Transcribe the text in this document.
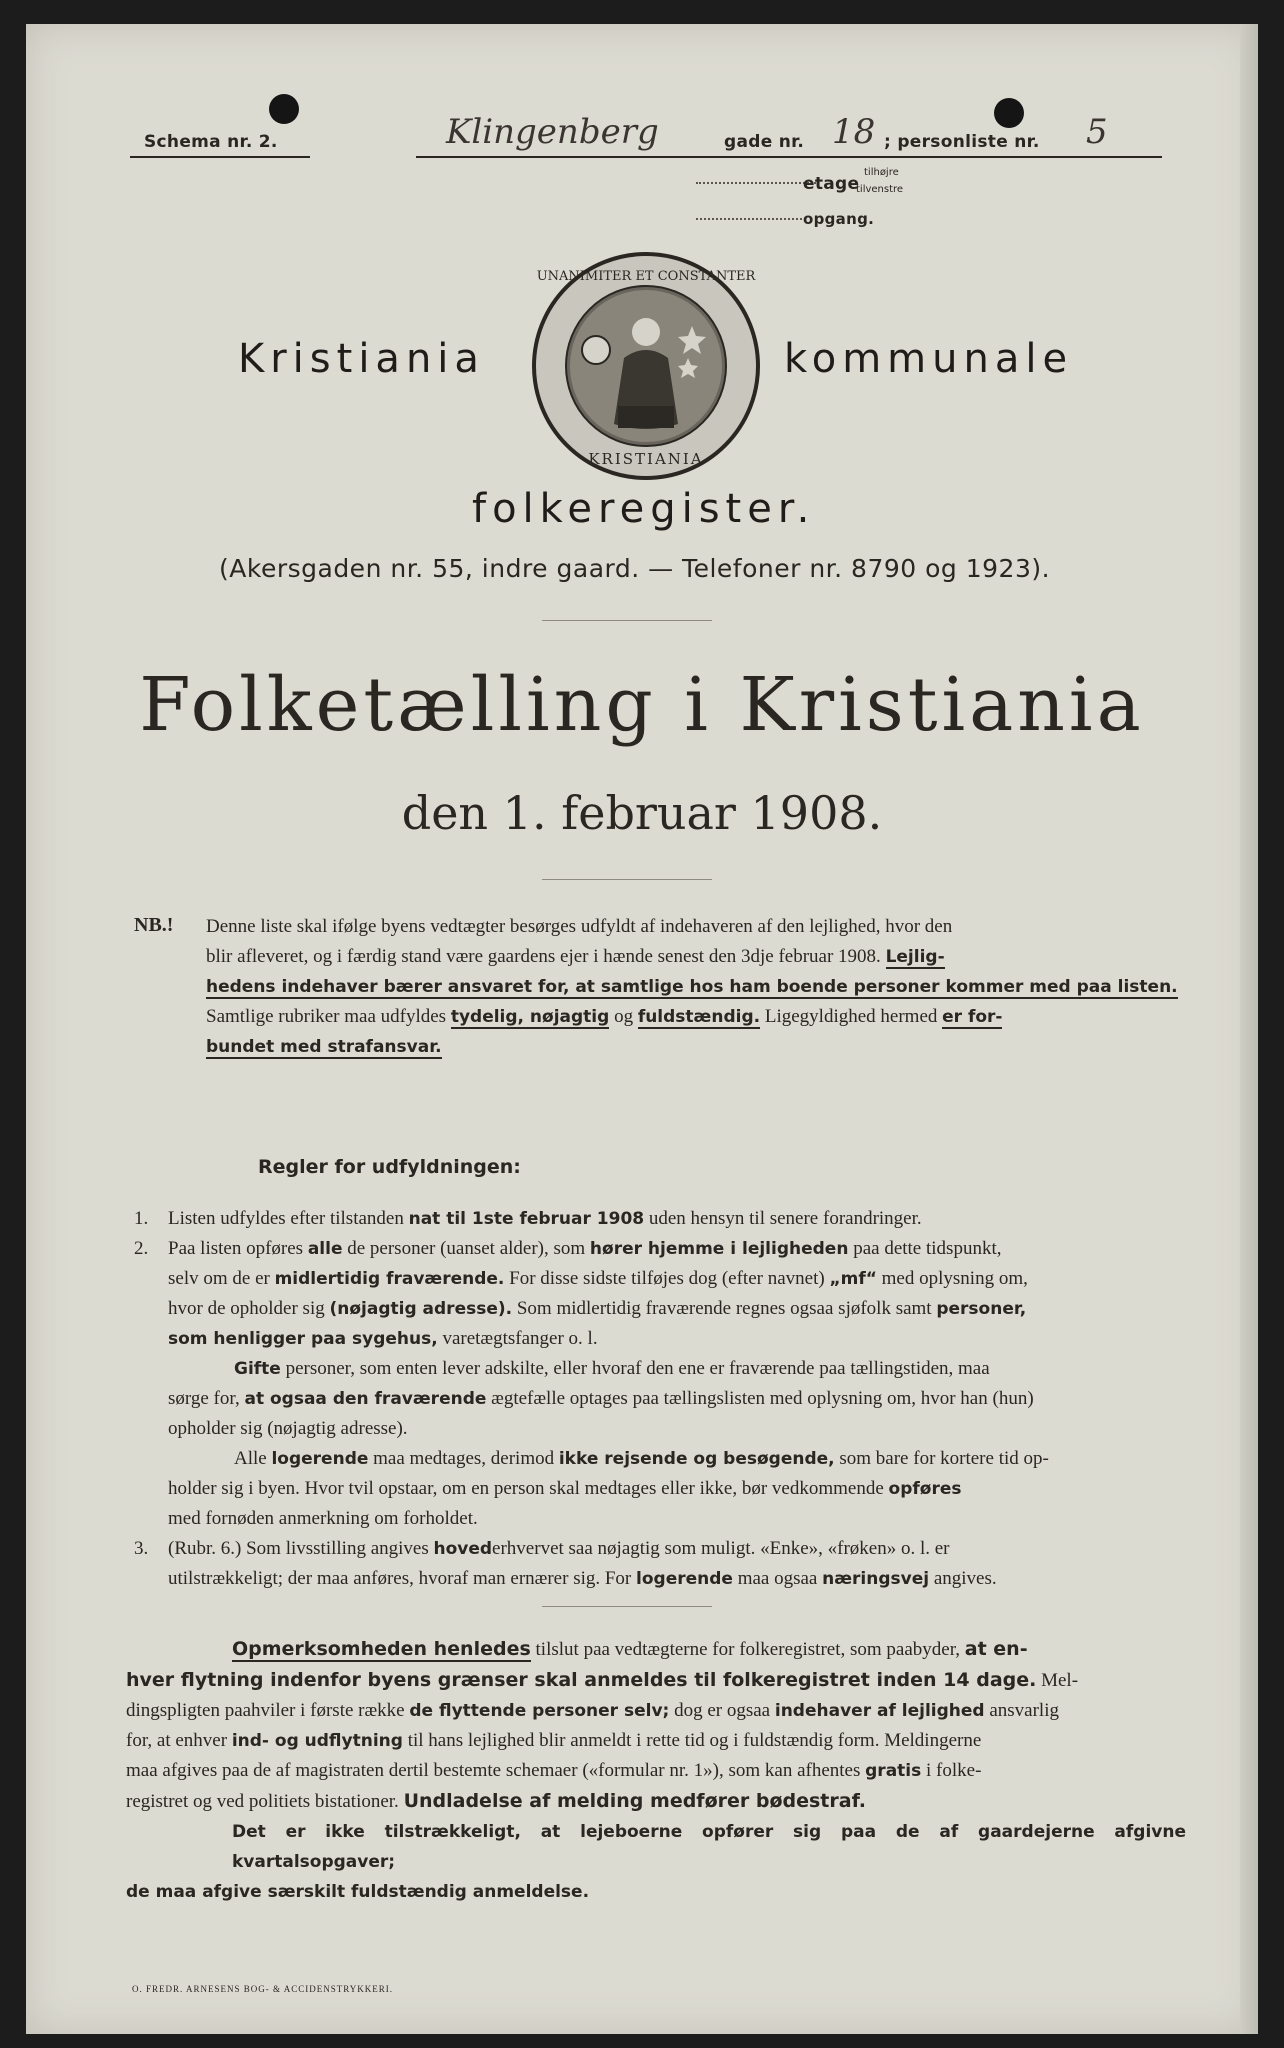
Schema nr. 2.	Klingenberg	gade nr. 18 ; personliste nr. 5
etage
tilhøjre
tilvenstre
opgang.
Kristiania
UNANIMITER ET CONSTANTER
KRISTIANIA
kommunale
folkeregister.
(Akersgaden nr. 55, indre gaard. — Telefoner nr. 8790 og 1923).
Folketælling i Kristiania
den 1. februar 1908.
NB.! Denne liste skal ifølge byens vedtægter besørges udfyldt af indehaveren af den lejlighed, hvor den
blir afleveret, og i færdig stand være gaardens ejer i hænde senest den 3dje februar 1908. Lejlig-
hedens indehaver bærer ansvaret for, at samtlige hos ham boende personer kommer med paa listen.
Samtlige rubriker maa udfyldes tydelig, nøjagtig og fuldstændig. Ligegyldighed hermed er for-
bundet med strafansvar.
Regler for udfyldningen:
1. Listen udfyldes efter tilstanden nat til 1ste februar 1908 uden hensyn til senere forandringer.
2. Paa listen opføres alle de personer (uanset alder), som hører hjemme i lejligheden paa dette tidspunkt,
selv om de er midlertidig fraværende. For disse sidste tilføjes dog (efter navnet) „mf“ med oplysning om,
hvor de opholder sig (nøjagtig adresse). Som midlertidig fraværende regnes ogsaa sjøfolk samt personer,
som henligger paa sygehus, varetægtsfanger o. l.
Gifte personer, som enten lever adskilte, eller hvoraf den ene er fraværende paa tællingstiden, maa
sørge for, at ogsaa den fraværende ægtefælle optages paa tællingslisten med oplysning om, hvor han (hun)
opholder sig (nøjagtig adresse).
Alle logerende maa medtages, derimod ikke rejsende og besøgende, som bare for kortere tid op-
holder sig i byen. Hvor tvil opstaar, om en person skal medtages eller ikke, bør vedkommende opføres
med fornøden anmerkning om forholdet.
3. (Rubr. 6.) Som livsstilling angives hovederhvervet saa nøjagtig som muligt. «Enke», «frøken» o. l. er
utilstrækkeligt; der maa anføres, hvoraf man ernærer sig. For logerende maa ogsaa næringsvej angives.
Opmerksomheden henledes tilslut paa vedtægterne for folkeregistret, som paabyder, at en-
hver flytning indenfor byens grænser skal anmeldes til folkeregistret inden 14 dage. Mel-
dingspligten paahviler i første række de flyttende personer selv; dog er ogsaa indehaver af lejlighed ansvarlig
for, at enhver ind- og udflytning til hans lejlighed blir anmeldt i rette tid og i fuldstændig form. Meldingerne
maa afgives paa de af magistraten dertil bestemte schemaer («formular nr. 1»), som kan afhentes gratis i folke-
registret og ved politiets bistationer. Undladelse af melding medfører bødestraf.
Det er ikke tilstrækkeligt, at lejeboerne opfører sig paa de af gaardejerne afgivne kvartalsopgaver;
de maa afgive særskilt fuldstændig anmeldelse.
O. FREDR. ARNESENS BOG- & ACCIDENSTRYKKERI.
